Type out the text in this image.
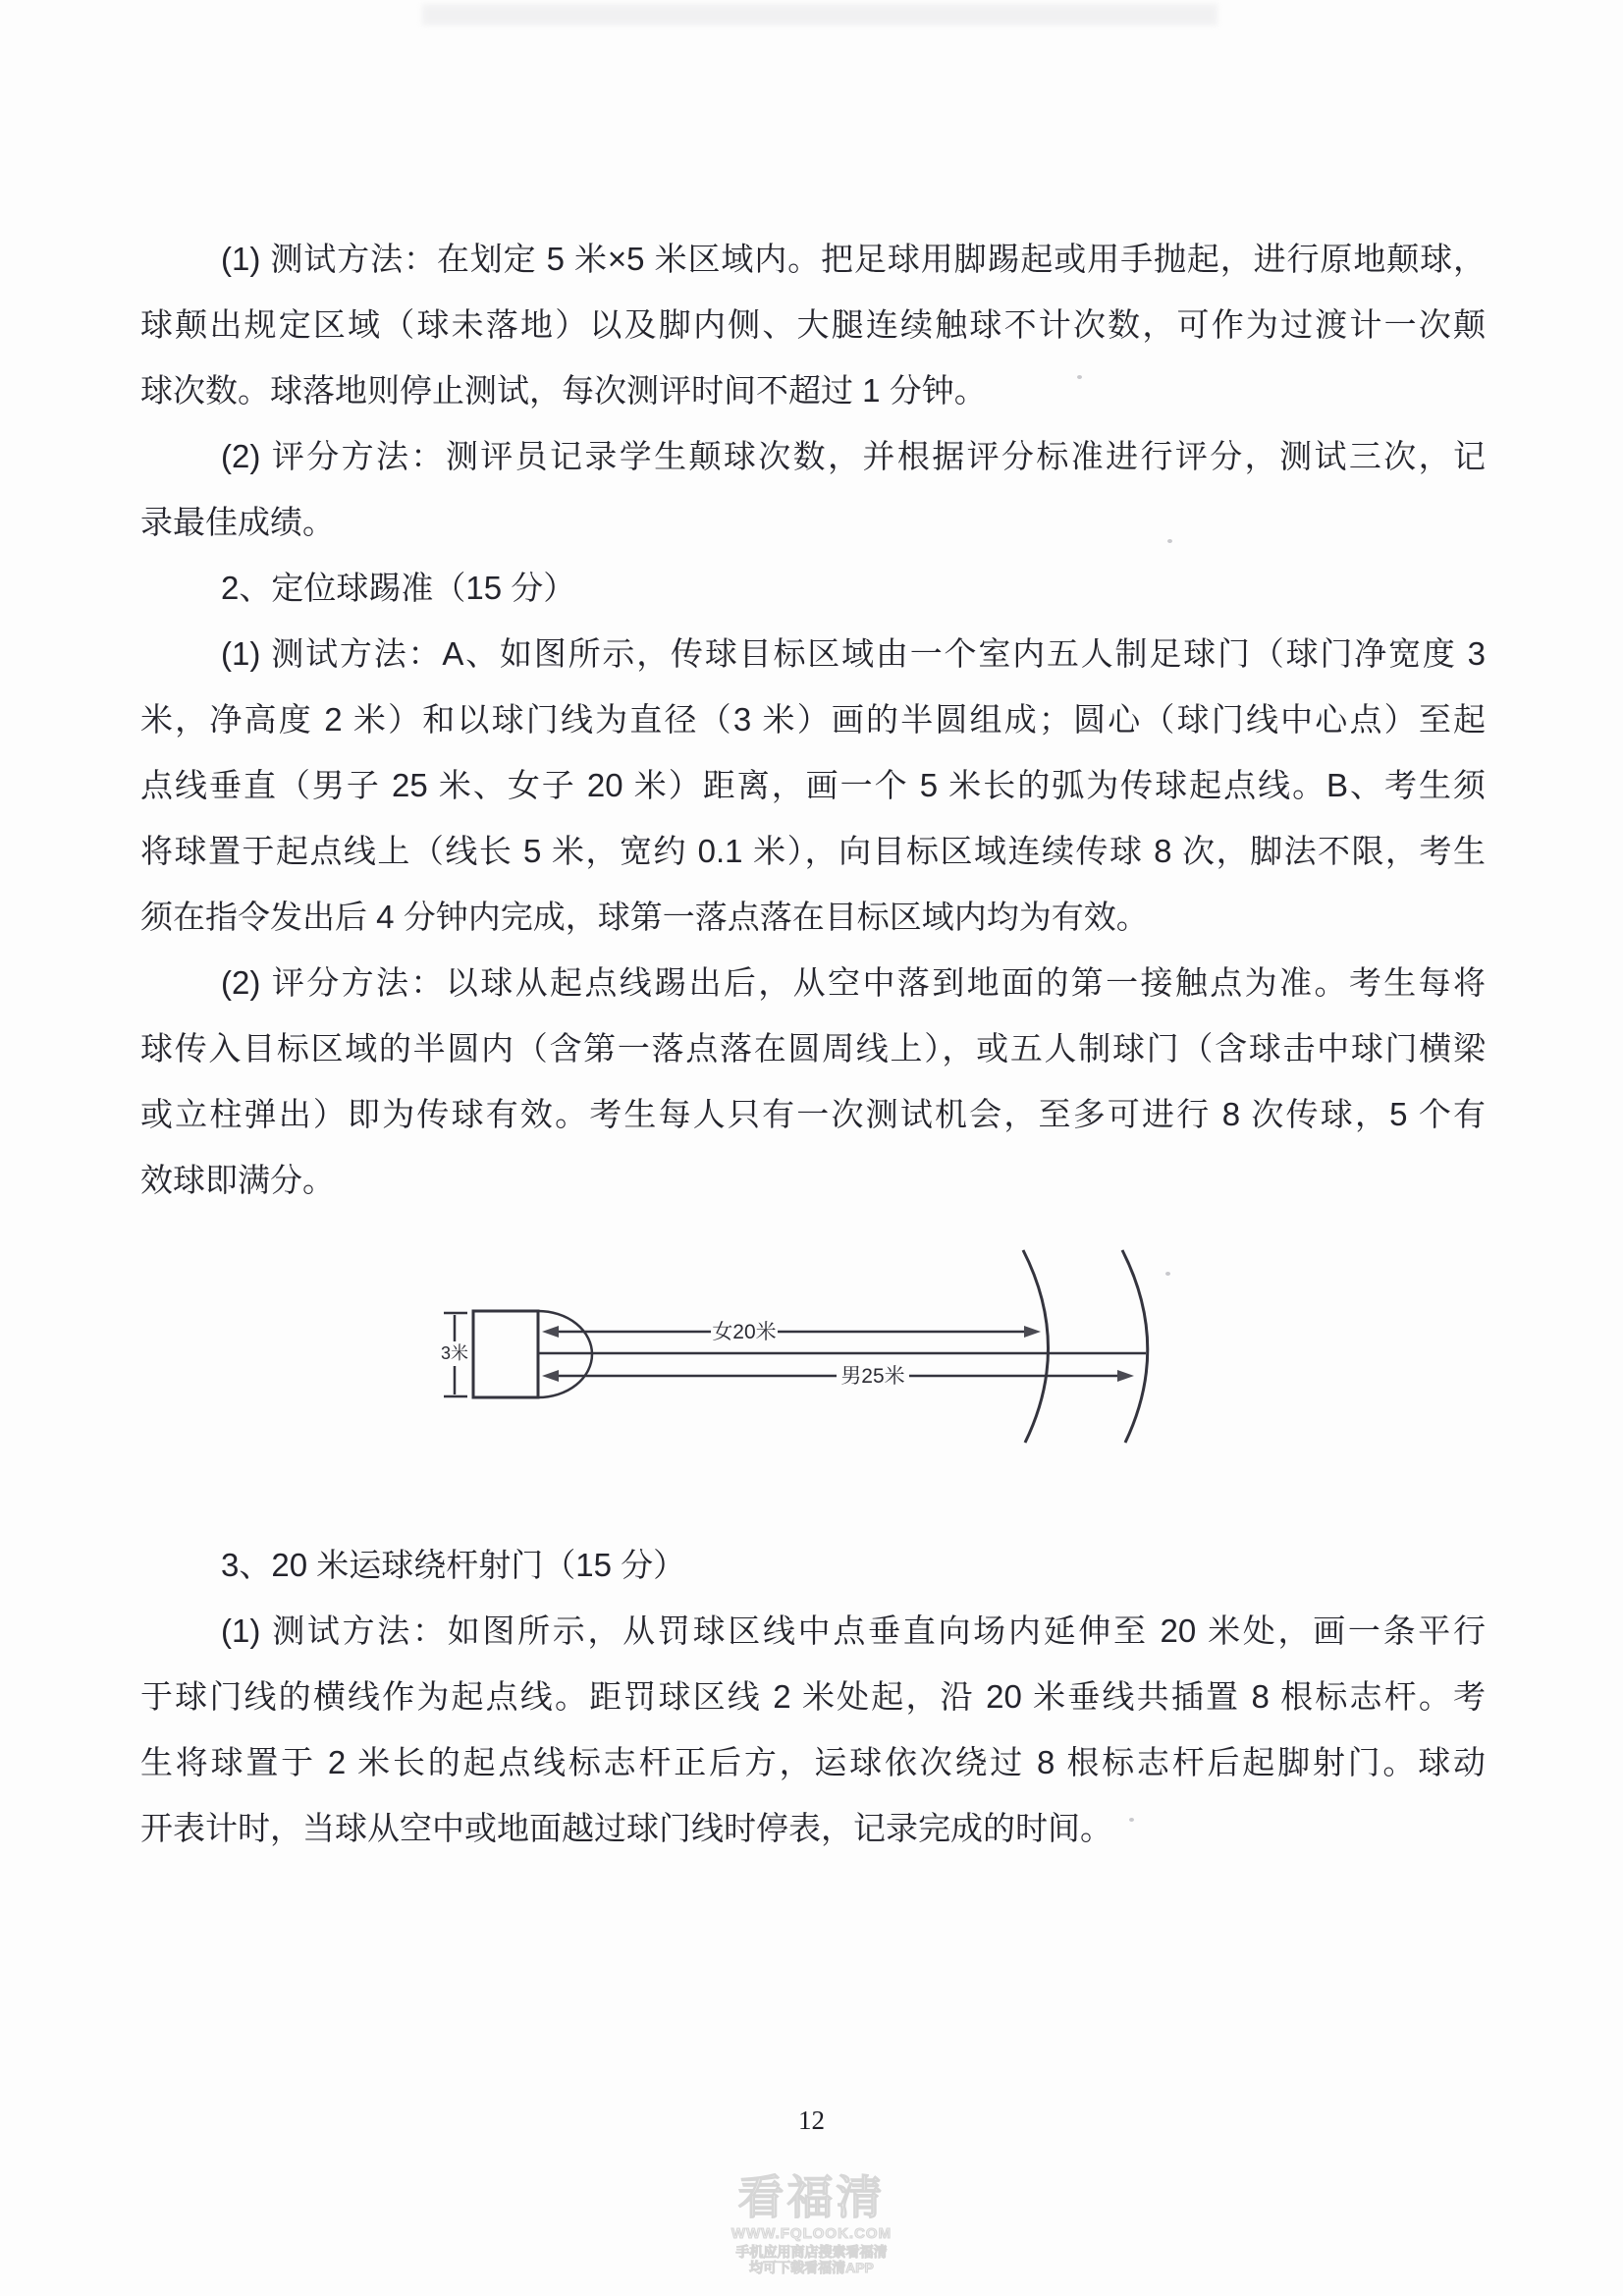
3米
女20米
男25米
12
看福清
WWW.FQLOOK.COM
手机应用商店搜索看福清
均可下载看福清APP
(1) 测试方法：在划定 5 米×5 米区域内。把足球用脚踢起或用手抛起，进行原地颠球，
球颠出规定区域（球未落地）以及脚内侧、大腿连续触球不计次数，可作为过渡计一次颠
球次数。球落地则停止测试，每次测评时间不超过 1 分钟。
(2) 评分方法：测评员记录学生颠球次数，并根据评分标准进行评分，测试三次，记
录最佳成绩。
2、定位球踢准（15 分）
(1) 测试方法：A、如图所示，传球目标区域由一个室内五人制足球门（球门净宽度 3
米，净高度 2 米）和以球门线为直径（3 米）画的半圆组成；圆心（球门线中心点）至起
点线垂直（男子 25 米、女子 20 米）距离，画一个 5 米长的弧为传球起点线。B、考生须
将球置于起点线上（线长 5 米，宽约 0.1 米），向目标区域连续传球 8 次，脚法不限，考生
须在指令发出后 4 分钟内完成，球第一落点落在目标区域内均为有效。
(2) 评分方法：以球从起点线踢出后，从空中落到地面的第一接触点为准。考生每将
球传入目标区域的半圆内（含第一落点落在圆周线上），或五人制球门（含球击中球门横梁
或立柱弹出）即为传球有效。考生每人只有一次测试机会，至多可进行 8 次传球，5 个有
效球即满分。
3、20 米运球绕杆射门（15 分）
(1) 测试方法：如图所示，从罚球区线中点垂直向场内延伸至 20 米处，画一条平行
于球门线的横线作为起点线。距罚球区线 2 米处起，沿 20 米垂线共插置 8 根标志杆。考
生将球置于 2 米长的起点线标志杆正后方，运球依次绕过 8 根标志杆后起脚射门。球动
开表计时，当球从空中或地面越过球门线时停表，记录完成的时间。
